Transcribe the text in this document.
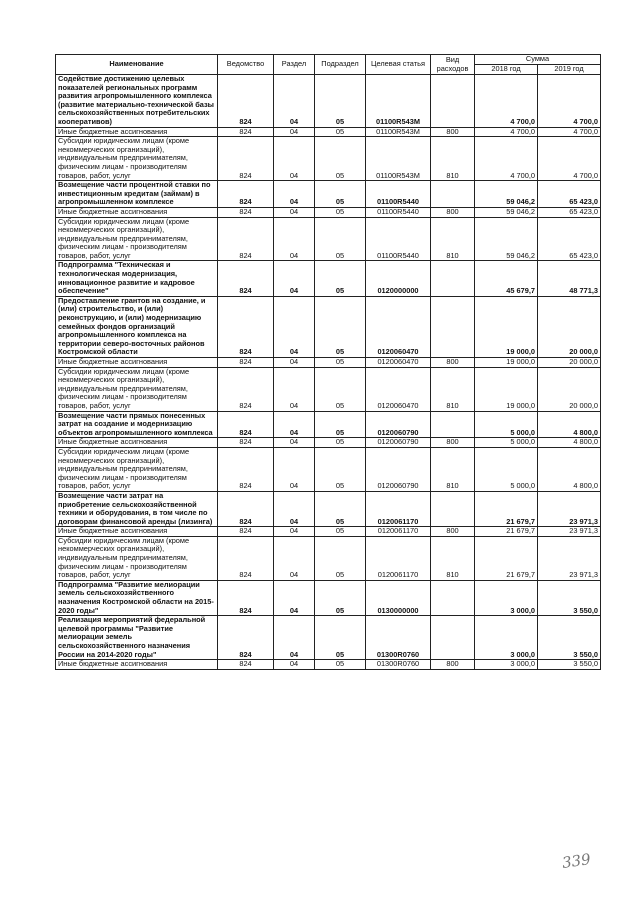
Наименование	Ведомство	Раздел	Подраздел	Целевая статья	Вид расходов	Сумма	
						2018 год	2019 год
Содействие достижению целевых показателей региональных программ развития агропромышленного комплекса (развитие материально-технической базы сельскохозяйственных потребительских кооперативов)	824	04	05	01100R543M		4 700,0	4 700,0
Иные бюджетные ассигнования	824	04	05	01100R543M	800	4 700,0	4 700,0
Субсидии юридическим лицам (кроме некоммерческих организаций), индивидуальным предпринимателям, физическим лицам - производителям товаров, работ, услуг	824	04	05	01100R543M	810	4 700,0	4 700,0
Возмещение части процентной ставки по инвестиционным кредитам (займам) в агропромышленном комплексе	824	04	05	01100R5440		59 046,2	65 423,0
Иные бюджетные ассигнования	824	04	05	01100R5440	800	59 046,2	65 423,0
Субсидии юридическим лицам (кроме некоммерческих организаций), индивидуальным предпринимателям, физическим лицам - производителям товаров, работ, услуг	824	04	05	01100R5440	810	59 046,2	65 423,0
Подпрограмма "Техническая и технологическая модернизация, инновационное развитие и кадровое обеспечение"	824	04	05	0120000000		45 679,7	48 771,3
Предоставление грантов на создание, и (или) строительство, и (или) реконструкцию, и (или) модернизацию семейных фондов организаций агропромышленного комплекса на территории северо-восточных районов Костромской области	824	04	05	0120060470		19 000,0	20 000,0
Иные бюджетные ассигнования	824	04	05	0120060470	800	19 000,0	20 000,0
Субсидии юридическим лицам (кроме некоммерческих организаций), индивидуальным предпринимателям, физическим лицам - производителям товаров, работ, услуг	824	04	05	0120060470	810	19 000,0	20 000,0
Возмещение части прямых понесенных затрат на создание и модернизацию объектов агропромышленного комплекса	824	04	05	0120060790		5 000,0	4 800,0
Иные бюджетные ассигнования	824	04	05	0120060790	800	5 000,0	4 800,0
Субсидии юридическим лицам (кроме некоммерческих организаций), индивидуальным предпринимателям, физическим лицам - производителям товаров, работ, услуг	824	04	05	0120060790	810	5 000,0	4 800,0
Возмещение части затрат на приобретение сельскохозяйственной техники и оборудования, в том числе по договорам финансовой аренды (лизинга)	824	04	05	0120061170		21 679,7	23 971,3
Иные бюджетные ассигнования	824	04	05	0120061170	800	21 679,7	23 971,3
Субсидии юридическим лицам (кроме некоммерческих организаций), индивидуальным предпринимателям, физическим лицам - производителям товаров, работ, услуг	824	04	05	0120061170	810	21 679,7	23 971,3
Подпрограмма "Развитие мелиорации земель сельскохозяйственного назначения Костромской области на 2015-2020 годы"	824	04	05	0130000000		3 000,0	3 550,0
Реализация мероприятий федеральной целевой программы "Развитие мелиорации земель сельскохозяйственного назначения России на 2014-2020 годы"	824	04	05	01300R0760		3 000,0	3 550,0
Иные бюджетные ассигнования	824	04	05	01300R0760	800	3 000,0	3 550,0
339
